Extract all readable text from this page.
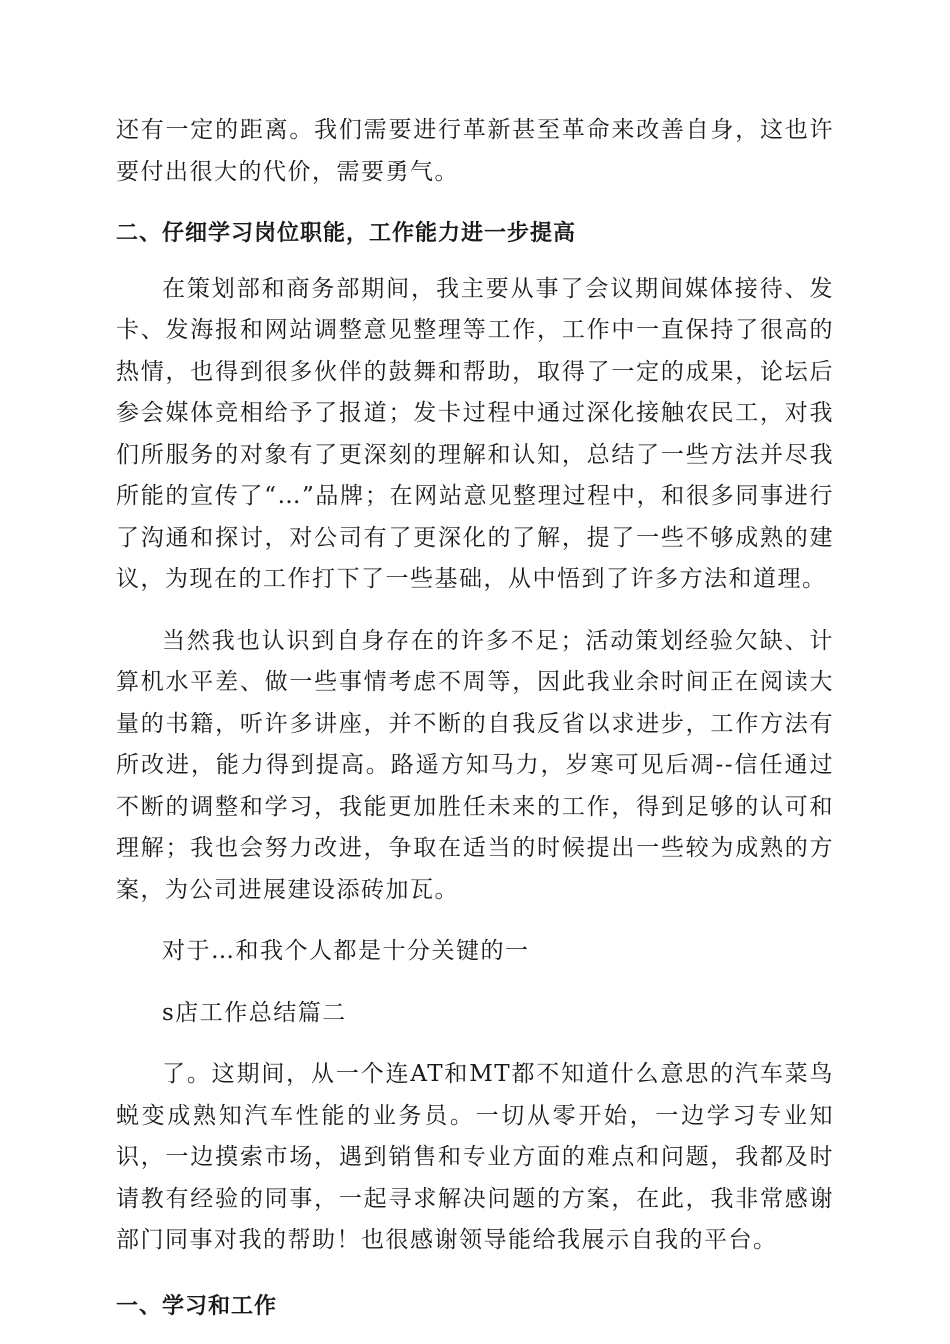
还有一定的距离。我们需要进行革新甚至革命来改善自身，这也许要付出很大的代价，需要勇气。

二、仔细学习岗位职能，工作能力进一步提高

在策划部和商务部期间，我主要从事了会议期间媒体接待、发卡、发海报和网站调整意见整理等工作，工作中一直保持了很高的热情，也得到很多伙伴的鼓舞和帮助，取得了一定的成果，论坛后参会媒体竞相给予了报道；发卡过程中通过深化接触农民工，对我们所服务的对象有了更深刻的理解和认知，总结了一些方法并尽我所能的宣传了“…”品牌；在网站意见整理过程中，和很多同事进行了沟通和探讨，对公司有了更深化的了解，提了一些不够成熟的建议，为现在的工作打下了一些基础，从中悟到了许多方法和道理。

当然我也认识到自身存在的许多不足；活动策划经验欠缺、计算机水平差、做一些事情考虑不周等，因此我业余时间正在阅读大量的书籍，听许多讲座，并不断的自我反省以求进步，工作方法有所改进，能力得到提高。路遥方知马力，岁寒可见后凋--信任通过不断的调整和学习，我能更加胜任未来的工作，得到足够的认可和理解；我也会努力改进，争取在适当的时候提出一些较为成熟的方案，为公司进展建设添砖加瓦。

对于…和我个人都是十分关键的一

s店工作总结篇二

了。这期间，从一个连AT和MT都不知道什么意思的汽车菜鸟蜕变成熟知汽车性能的业务员。一切从零开始，一边学习专业知识，一边摸索市场，遇到销售和专业方面的难点和问题，我都及时请教有经验的同事，一起寻求解决问题的方案，在此，我非常感谢部门同事对我的帮助！也很感谢领导能给我展示自我的平台。

一、学习和工作
